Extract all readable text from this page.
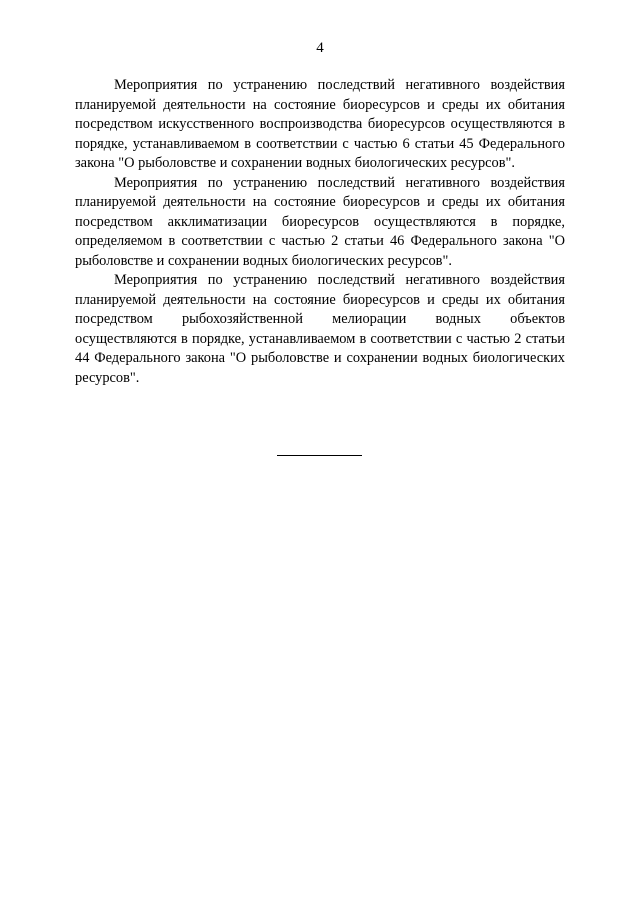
4

Мероприятия по устранению последствий негативного воздействия планируемой деятельности на состояние биоресурсов и среды их обитания посредством искусственного воспроизводства биоресурсов осуществляются в порядке, устанавливаемом в соответствии с частью 6 статьи 45 Федерального закона "О рыболовстве и сохранении водных биологических ресурсов".

Мероприятия по устранению последствий негативного воздействия планируемой деятельности на состояние биоресурсов и среды их обитания посредством акклиматизации биоресурсов осуществляются в порядке, определяемом в соответствии с частью 2 статьи 46 Федерального закона "О рыболовстве и сохранении водных биологических ресурсов".

Мероприятия по устранению последствий негативного воздействия планируемой деятельности на состояние биоресурсов и среды их обитания посредством рыбохозяйственной мелиорации водных объектов осуществляются в порядке, устанавливаемом в соответствии с частью 2 статьи 44 Федерального закона "О рыболовстве и сохранении водных биологических ресурсов".
